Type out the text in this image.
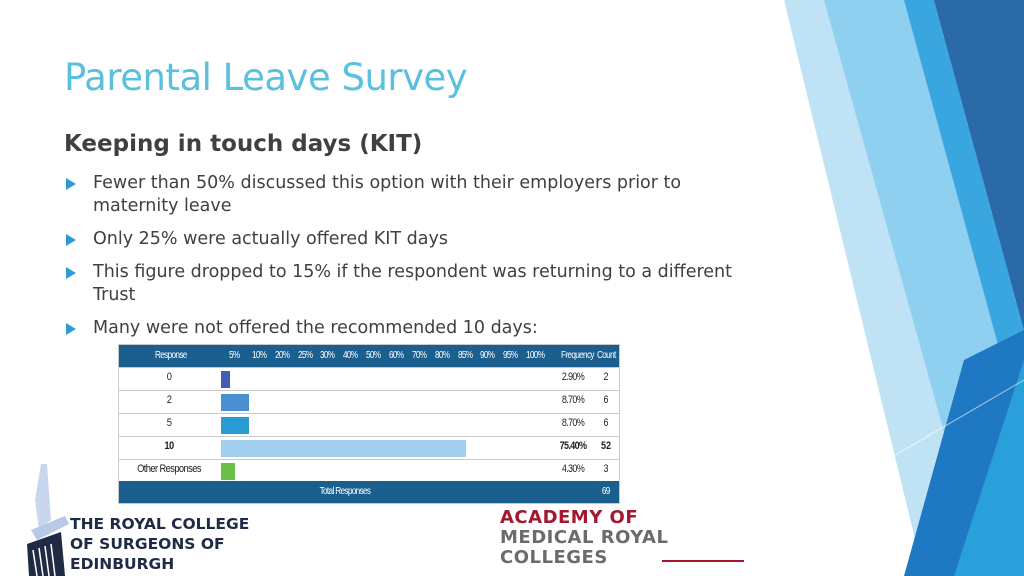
Parental Leave Survey
Keeping in touch days (KIT)
Fewer than 50% discussed this option with their employers prior to maternity leave
Only 25% were actually offered KIT days
This figure dropped to 15% if the respondent was returning to a different Trust
Many were not offered the recommended 10 days:
Response	Frequency Count
5% 10% 20% 25% 30% 40% 50% 60% 70% 80% 85% 90% 95% 100%
0	2.90%	2
2	8.70%	6
5	8.70%	6
10	75.40%	52
Other Responses	4.30%	3
Total Responses	69
THE ROYAL COLLEGE
OF SURGEONS OF
EDINBURGH
ACADEMY OF
MEDICAL ROYAL
COLLEGES
